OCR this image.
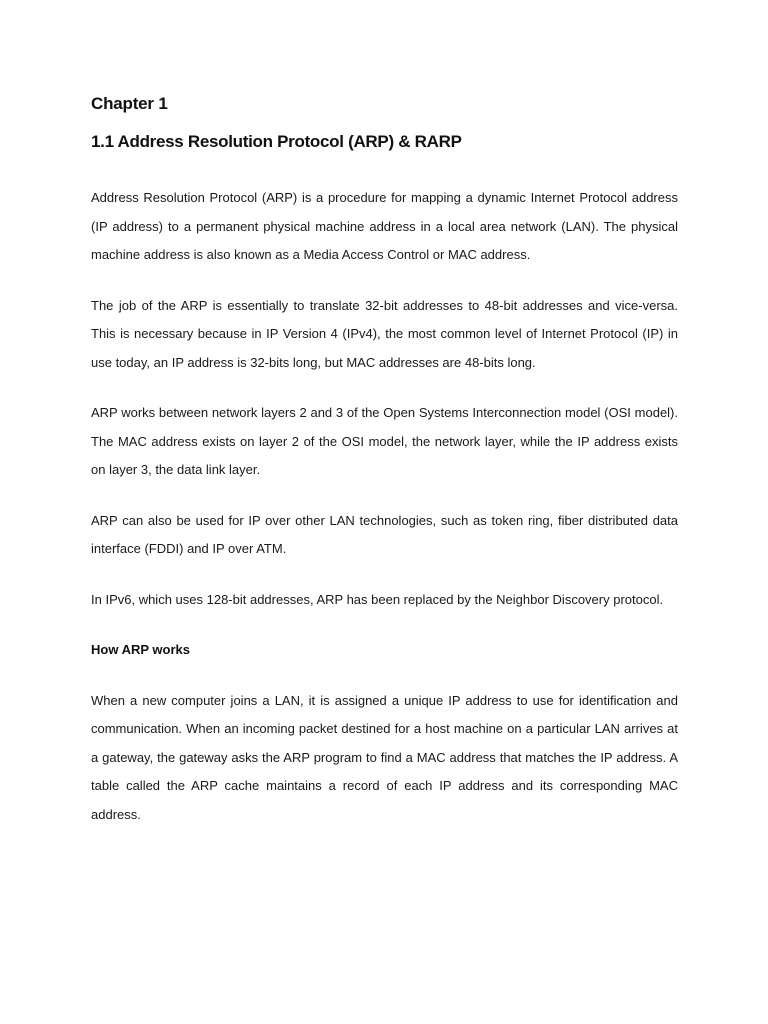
Chapter 1
1.1 Address Resolution Protocol (ARP) & RARP

Address Resolution Protocol (ARP) is a procedure for mapping a dynamic Internet Protocol address (IP address) to a permanent physical machine address in a local area network (LAN). The physical machine address is also known as a Media Access Control or MAC address.

The job of the ARP is essentially to translate 32-bit addresses to 48-bit addresses and vice-versa. This is necessary because in IP Version 4 (IPv4), the most common level of Internet Protocol (IP) in use today, an IP address is 32-bits long, but MAC addresses are 48-bits long.

ARP works between network layers 2 and 3 of the Open Systems Interconnection model (OSI model). The MAC address exists on layer 2 of the OSI model, the network layer, while the IP address exists on layer 3, the data link layer.

ARP can also be used for IP over other LAN technologies, such as token ring, fiber distributed data interface (FDDI) and IP over ATM.

In IPv6, which uses 128-bit addresses, ARP has been replaced by the Neighbor Discovery protocol.

How ARP works

When a new computer joins a LAN, it is assigned a unique IP address to use for identification and communication. When an incoming packet destined for a host machine on a particular LAN arrives at a gateway, the gateway asks the ARP program to find a MAC address that matches the IP address. A table called the ARP cache maintains a record of each IP address and its corresponding MAC address.
